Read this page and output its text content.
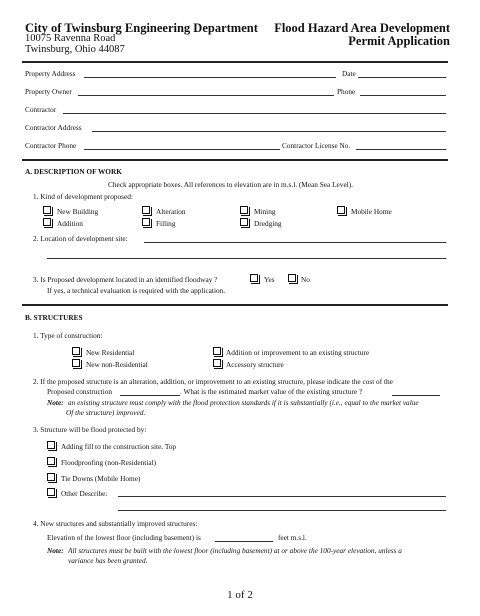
City of Twinsburg Engineering Department
10075 Ravenna Road
Twinsburg, Ohio 44087
Flood Hazard Area Development
Permit Application
Property Address	Date
Property Owner	Phone
Contractor
Contractor Address
Contractor Phone	Contractor License No.
A. DESCRIPTION OF WORK
Check appropriate boxes. All references to elevation are in m.s.l. (Mean Sea Level).
1. Kind of development proposed:
New Building
Addition
Alteration
Filling
Mining
Dredging
Mobile Home
2. Location of development site:
3. Is Proposed development located in an identified floodway ?	Yes	No
If yes, a technical evaluation is required with the application.
B. STRUCTURES
1. Type of construction:
New Residential
New non-Residential
Addition or improvement to an existing structure
Accessory structure
2. If the proposed structure is an alteration, addition, or improvement to an existing structure, please indicate the cost of the
Proposed construction	. What is the estimated market value of the existing structure ?
Note: an existing structure must comply with the flood protection standards if it is substantially (i.e., equal to the market value
Of the structure) improved.
3. Structure will be flood protected by:
Adding fill to the construction site. Top
Floodproofing (non-Residential)
Tie Downs (Mobile Home)
Other Describe:
4. New structures and substantially improved structures:
Elevation of the lowest floor (including basement) is	feet m.s.l.
Note: All structures must be built with the lowest floor (including basement) at or above the 100-year elevation, unless a
variance has been granted.
1 of 2
